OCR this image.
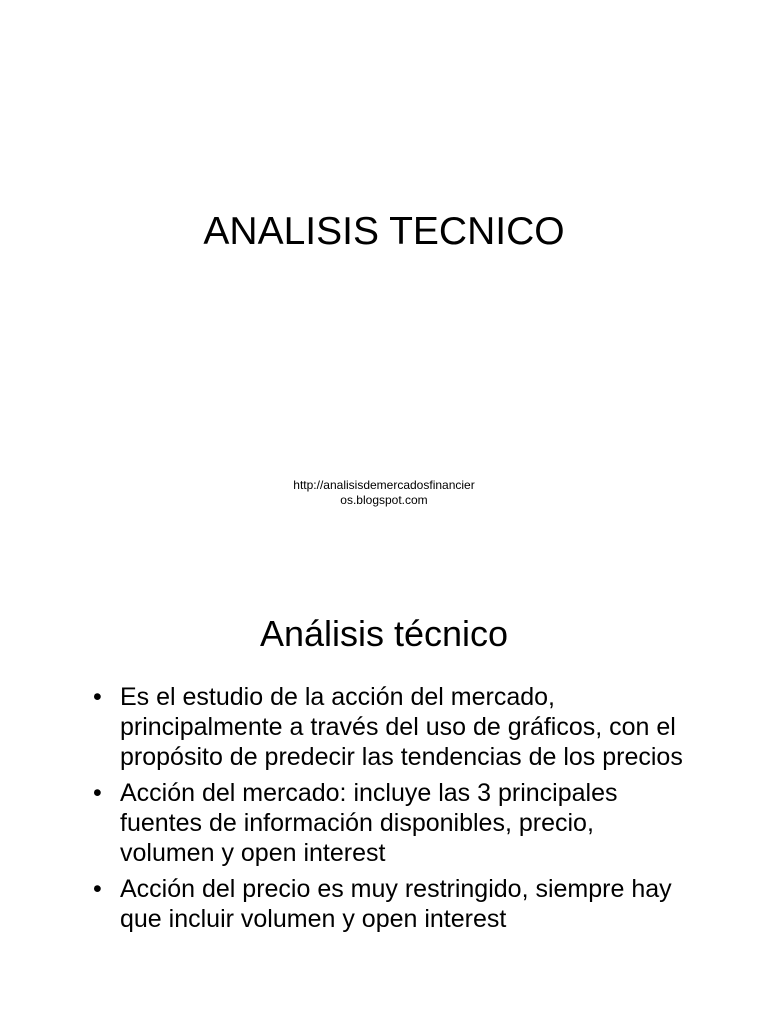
ANALISIS TECNICO
http://analisisdemercadosfinancier
os.blogspot.com
Análisis técnico
• Es el estudio de la acción del mercado, principalmente a través del uso de gráficos, con el propósito de predecir las tendencias de los precios
• Acción del mercado: incluye las 3 principales fuentes de información disponibles, precio, volumen y open interest
• Acción del precio es muy restringido, siempre hay que incluir volumen y open interest
